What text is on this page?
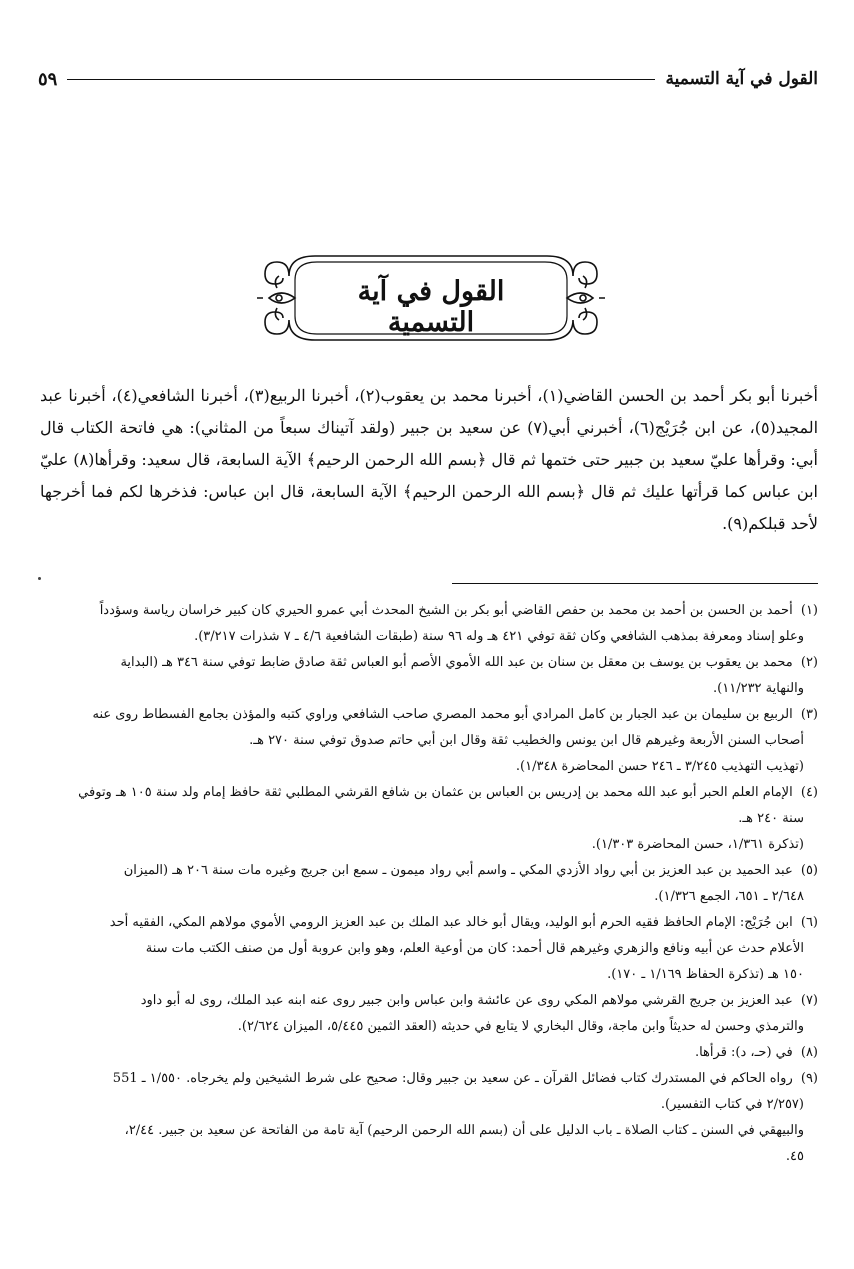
القول في آية التسمية
٥٩
القول في آية التسمية

أخبرنا أبو بكر أحمد بن الحسن القاضي(١)، أخبرنا محمد بن يعقوب(٢)، أخبرنا الربيع(٣)، أخبرنا الشافعي(٤)، أخبرنا عبد المجيد(٥)، عن ابن جُرَيْج(٦)، أخبرني أبي(٧) عن سعيد بن جبير (ولقد آتيناك سبعاً من المثاني): هي فاتحة الكتاب قال أبي: وقرأها عليّ سعيد بن جبير حتى ختمها ثم قال ﴿بسم الله الرحمن الرحيم﴾ الآية السابعة، قال سعيد: وقرأها(٨) عليّ ابن عباس كما قرأتها عليك ثم قال ﴿بسم الله الرحمن الرحيم﴾ الآية السابعة، قال ابن عباس: فذخرها لكم فما أخرجها لأحد قبلكم(٩).

(١) أحمد بن الحسن بن أحمد بن محمد بن حفص القاضي أبو بكر بن الشيخ المحدث أبي عمرو الحيري كان كبير خراسان رياسة وسؤدداً
وعلو إسناد ومعرفة بمذهب الشافعي وكان ثقة توفي ٤٢١ هـ وله ٩٦ سنة (طبقات الشافعية ٤/٦ ـ ٧ شذرات ٣/٢١٧).
(٢) محمد بن يعقوب بن يوسف بن معقل بن سنان بن عبد الله الأموي الأصم أبو العباس ثقة صادق ضابط توفي سنة ٣٤٦ هـ (البداية
والنهاية ١١/٢٣٢).
(٣) الربيع بن سليمان بن عبد الجبار بن كامل المرادي أبو محمد المصري صاحب الشافعي وراوي كتبه والمؤذن بجامع الفسطاط روى عنه
أصحاب السنن الأربعة وغيرهم قال ابن يونس والخطيب ثقة وقال ابن أبي حاتم صدوق توفي سنة ٢٧٠ هـ.
(تهذيب التهذيب ٣/٢٤٥ ـ ٢٤٦ حسن المحاضرة ١/٣٤٨).
(٤) الإمام العلم الحبر أبو عبد الله محمد بن إدريس بن العباس بن عثمان بن شافع القرشي المطلبي ثقة حافظ إمام ولد سنة ١٠٥ هـ وتوفي
سنة ٢٤٠ هـ.
(تذكرة ١/٣٦١، حسن المحاضرة ١/٣٠٣).
(٥) عبد الحميد بن عبد العزيز بن أبي رواد الأزدي المكي ـ واسم أبي رواد ميمون ـ سمع ابن جريج وغيره مات سنة ٢٠٦ هـ (الميزان
٢/٦٤٨ ـ ٦٥١، الجمع ١/٣٢٦).
(٦) ابن جُرَيْج: الإمام الحافظ فقيه الحرم أبو الوليد، ويقال أبو خالد عبد الملك بن عبد العزيز الرومي الأموي مولاهم المكي، الفقيه أحد
الأعلام حدث عن أبيه ونافع والزهري وغيرهم قال أحمد: كان من أوعية العلم، وهو وابن عروبة أول من صنف الكتب مات سنة
١٥٠ هـ (تذكرة الحفاظ ١/١٦٩ ـ ١٧٠).
(٧) عبد العزيز بن جريج القرشي مولاهم المكي روى عن عائشة وابن عباس وابن جبير روى عنه ابنه عبد الملك، روى له أبو داود
والترمذي وحسن له حديثاً وابن ماجة، وقال البخاري لا يتابع في حديثه (العقد الثمين ٥/٤٤٥، الميزان ٢/٦٢٤).
(٨) في (حـ، د): قرأها.
(٩) رواه الحاكم في المستدرك كتاب فضائل القرآن ـ عن سعيد بن جبير وقال: صحيح على شرط الشيخين ولم يخرجاه. ١/٥٥٠ ـ 551
(٢/٢٥٧ في كتاب التفسير).
والبيهقي في السنن ـ كتاب الصلاة ـ باب الدليل على أن (بسم الله الرحمن الرحيم) آية تامة من الفاتحة عن سعيد بن جبير. ٢/٤٤،
٤٥.
